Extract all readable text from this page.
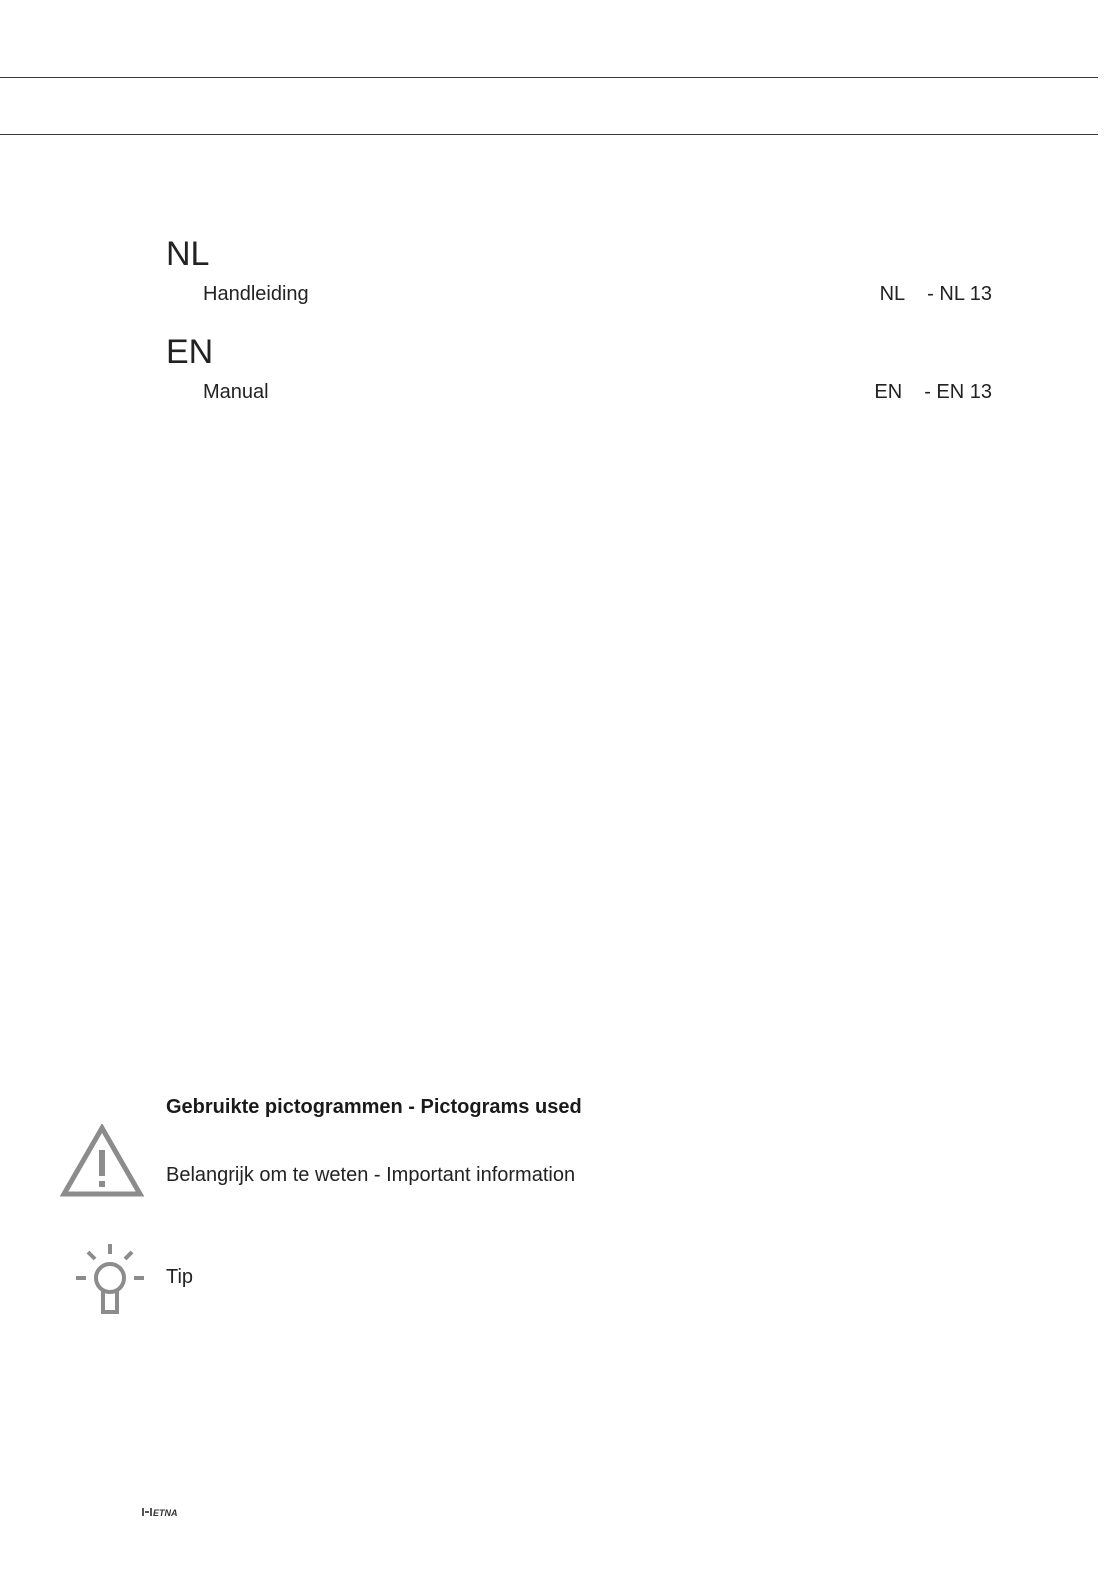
NL
Handleiding	NL - NL 13
EN
Manual	EN - EN 13
Gebruikte pictogrammen - Pictograms used
Belangrijk om te weten - Important information
Tip
ETNA
